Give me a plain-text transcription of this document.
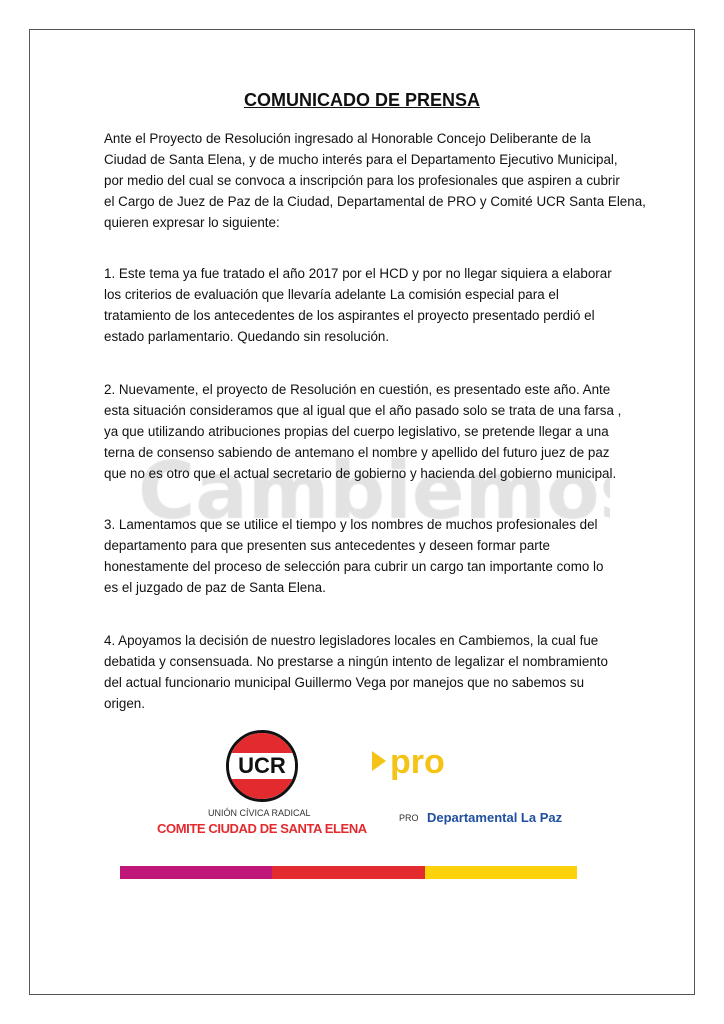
COMUNICADO DE PRENSA
Ante el Proyecto de Resolución ingresado al Honorable Concejo Deliberante de la
Ciudad de Santa Elena, y de mucho interés para el Departamento Ejecutivo Municipal,
por medio del cual se convoca a inscripción para los profesionales que aspiren a cubrir
el Cargo de Juez de Paz de la Ciudad, Departamental de PRO y Comité UCR Santa Elena,
quieren expresar lo siguiente:
1. Este tema ya fue tratado el año 2017 por el HCD y por no llegar siquiera a elaborar
los criterios de evaluación que llevaría adelante La comisión especial para el
tratamiento de los antecedentes de los aspirantes el proyecto presentado perdió el
estado parlamentario. Quedando sin resolución.
2. Nuevamente, el proyecto de Resolución en cuestión, es presentado este año. Ante
esta situación consideramos que al igual que el año pasado solo se trata de una farsa ,
ya que utilizando atribuciones propias del cuerpo legislativo, se pretende llegar a una
terna de consenso sabiendo de antemano el nombre y apellido del futuro juez de paz
que no es otro que el actual secretario de gobierno y hacienda del gobierno municipal.
3. Lamentamos que se utilice el tiempo y los nombres de muchos profesionales del
departamento para que presenten sus antecedentes y deseen formar parte
honestamente del proceso de selección para cubrir un cargo tan importante como lo
es el juzgado de paz de Santa Elena.
4. Apoyamos la decisión de nuestro legisladores locales en Cambiemos, la cual fue
debatida y consensuada. No prestarse a ningún intento de legalizar el nombramiento
del actual funcionario municipal Guillermo Vega por manejos que no sabemos su
origen.
UCR
UNIÓN CÍVICA RADICAL
COMITE CIUDAD DE SANTA ELENA
pro
PRO Departamental La Paz
